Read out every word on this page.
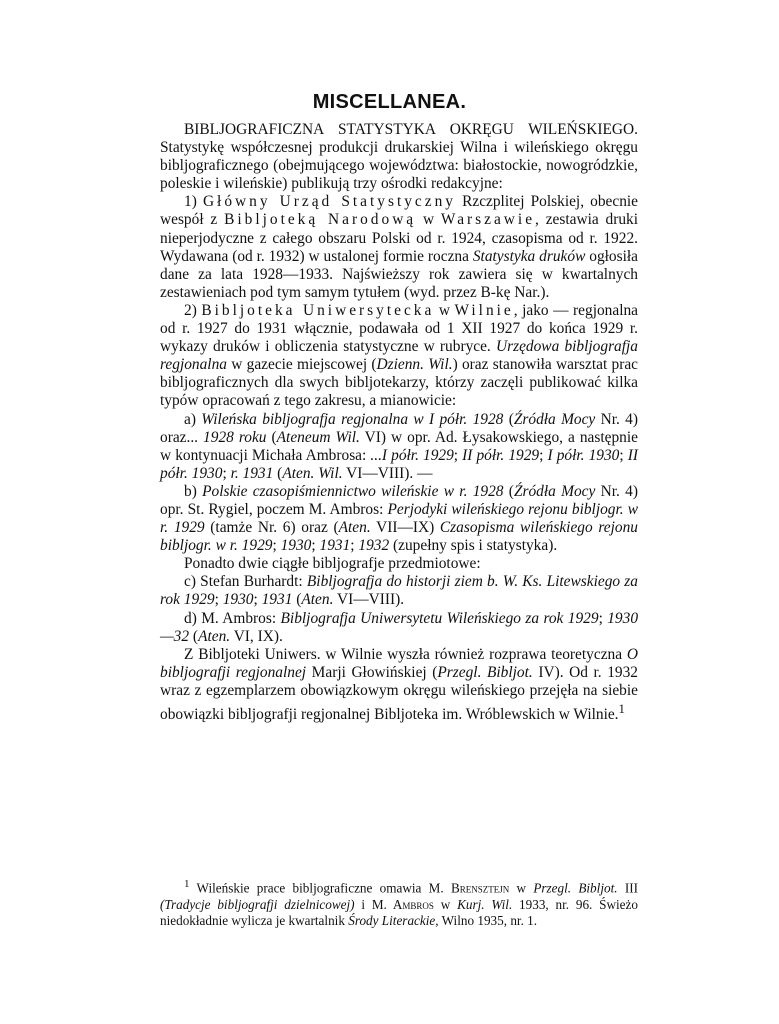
MISCELLANEA.

BIBLJOGRAFICZNA STATYSTYKA OKRĘGU WILEŃSKIEGO. Statystykę współczesnej produkcji drukarskiej Wilna i wileńskiego okręgu bibljograficznego (obejmującego województwa: białostockie, nowogródzkie, poleskie i wileńskie) publikują trzy ośrodki redakcyjne:

1) Główny Urząd Statystyczny Rzczplitej Polskiej, obecnie wespół z Bibljoteką Narodową w Warszawie, zestawia druki nieperjodyczne z całego obszaru Polski od r. 1924, czasopisma od r. 1922. Wydawana (od r. 1932) w ustalonej formie roczna Statystyka druków ogłosiła dane za lata 1928—1933. Najświeższy rok zawiera się w kwartalnych zestawieniach pod tym samym tytułem (wyd. przez B-kę Nar.).

2) Bibljoteka Uniwersytecka w Wilnie, jako — regjonalna od r. 1927 do 1931 włącznie, podawała od 1 XII 1927 do końca 1929 r. wykazy druków i obliczenia statystyczne w rubryce. Urzędowa bibljografja regjonalna w gazecie miejscowej (Dzienn. Wil.) oraz stanowiła warsztat prac bibljograficznych dla swych bibljotekarzy, którzy zaczęli publikować kilka typów opracowań z tego zakresu, a mianowicie:

a) Wileńska bibljografja regjonalna w I półr. 1928 (Źródła Mocy Nr. 4) oraz... 1928 roku (Ateneum Wil. VI) w opr. Ad. Łysakowskiego, a następnie w kontynuacji Michała Ambrosa: ...I półr. 1929; II półr. 1929; I półr. 1930; II półr. 1930; r. 1931 (Aten. Wil. VI—VIII). —

b) Polskie czasopiśmiennictwo wileńskie w r. 1928 (Źródła Mocy Nr. 4) opr. St. Rygiel, poczem M. Ambros: Perjodyki wileńskiego rejonu bibljogr. w r. 1929 (tamże Nr. 6) oraz (Aten. VII—IX) Czasopisma wileńskiego rejonu bibljogr. w r. 1929; 1930; 1931; 1932 (zupełny spis i statystyka).

Ponadto dwie ciągłe bibljografje przedmiotowe:

c) Stefan Burhardt: Bibljografja do historji ziem b. W. Ks. Litewskiego za rok 1929; 1930; 1931 (Aten. VI—VIII).

d) M. Ambros: Bibljografja Uniwersytetu Wileńskiego za rok 1929; 1930—32 (Aten. VI, IX).

Z Bibljoteki Uniwers. w Wilnie wyszła również rozprawa teoretyczna O bibljografji regjonalnej Marji Głowińskiej (Przegl. Bibljot. IV). Od r. 1932 wraz z egzemplarzem obowiązkowym okręgu wileńskiego przejęła na siebie obowiązki bibljografji regjonalnej Bibljoteka im. Wróblewskich w Wilnie.$^1$

$^1$ Wileńskie prace bibljograficzne omawia M. Brensztejn w Przegl. Bibljot. III (Tradycje bibljografji dzielnicowej) i M. Ambros w Kurj. Wil. 1933, nr. 96. Świeżo niedokładnie wylicza je kwartalnik Środy Literackie, Wilno 1935, nr. 1.
